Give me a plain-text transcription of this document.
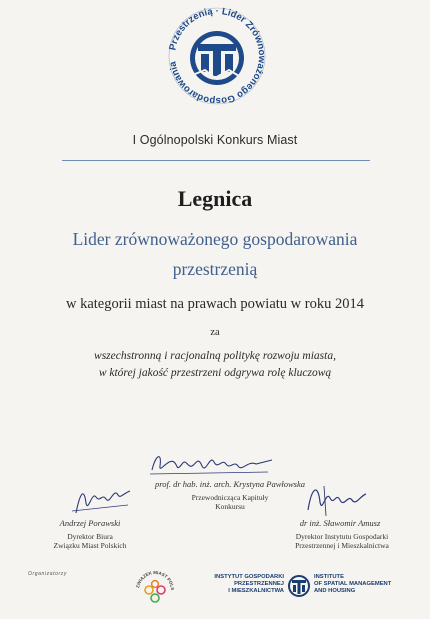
Przestrzenią · Lider Zrównoważonego Gospodarowania
I Ogólnopolski Konkurs Miast
Legnica
Lider zrównoważonego gospodarowania
przestrzenią
w kategorii miast na prawach powiatu w roku 2014
za
wszechstronną i racjonalną politykę rozwoju miasta,
w której jakość przestrzeni odgrywa rolę kluczową
prof. dr hab. inż. arch. Krystyna Pawłowska
Przewodnicząca Kapituły
Konkursu
Andrzej Porawski
Dyrektor Biura
Związku Miast Polskich
dr inż. Sławomir Amusz
Dyrektor Instytutu Gospodarki
Przestrzennej i Mieszkalnictwa
Organizatorzy
ZWIĄZEK MIAST POLS
INSTYTUT GOSPODARKI
PRZESTRZENNEJ
I MIESZKALNICTWA
INSTITUTE
OF SPATIAL MANAGEMENT
AND HOUSING
